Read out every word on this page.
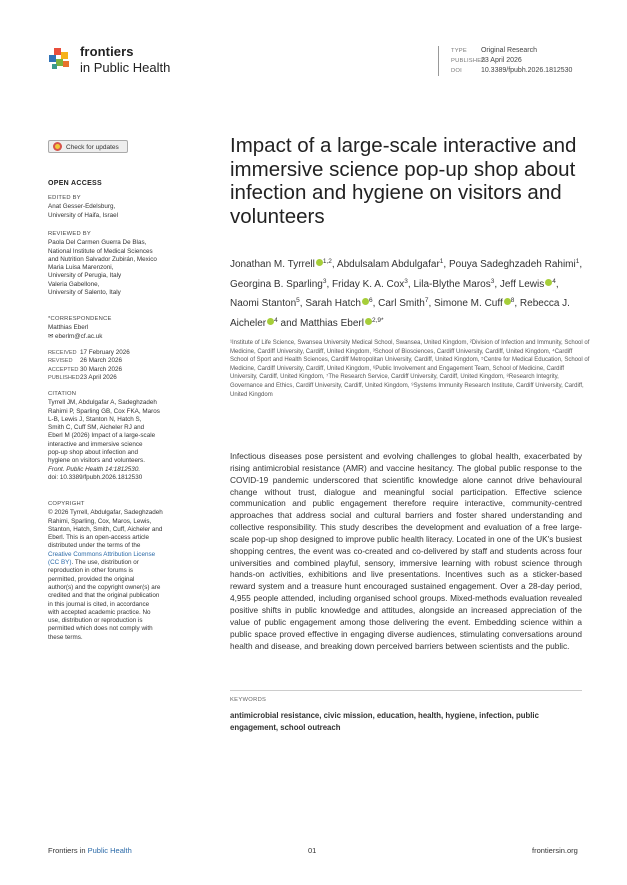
frontiers
in Public Health
TYPE Original Research
PUBLISHED 23 April 2026
DOI	10.3389/fpubh.2026.1812530
Check for updates
OPEN ACCESS
EDITED BY
Anat Gesser-Edelsburg,
University of Haifa, Israel
REVIEWED BY
Paola Del Carmen Guerra De Blas,
National Institute of Medical Sciences
and Nutrition Salvador Zubirán, Mexico
Maria Luisa Marenzoni,
University of Perugia, Italy
Valeria Gabellone,
University of Salento, Italy
*CORRESPONDENCE
Matthias Eberl
✉ eberlm@cf.ac.uk
RECEIVED 17 February 2026
REVISED 26 March 2026
ACCEPTED 30 March 2026
PUBLISHED23 April 2026
CITATION
Tyrrell JM, Abdulgafar A, Sadeghzadeh
Rahimi P, Sparling GB, Cox FKA, Maros
L-B, Lewis J, Stanton N, Hatch S,
Smith C, Cuff SM, Aicheler RJ and
Eberl M (2026) Impact of a large-scale
interactive and immersive science
pop-up shop about infection and
hygiene on visitors and volunteers.
Front. Public Health 14:1812530.
doi: 10.3389/fpubh.2026.1812530
COPYRIGHT
© 2026 Tyrrell, Abdulgafar, Sadeghzadeh
Rahimi, Sparling, Cox, Maros, Lewis,
Stanton, Hatch, Smith, Cuff, Aicheler and
Eberl. This is an open-access article
distributed under the terms of the
Creative Commons Attribution License
(CC BY). The use, distribution or
reproduction in other forums is
permitted, provided the original
author(s) and the copyright owner(s) are
credited and that the original publication
in this journal is cited, in accordance
with accepted academic practice. No
use, distribution or reproduction is
permitted which does not comply with
these terms.
Impact of a large-scale interactive and immersive science pop-up shop about infection and hygiene on visitors and volunteers
Jonathan M. Tyrrell $^{1,2}$, Abdulsalam Abdulgafar$^1$, Pouya Sadeghzadeh Rahimi$^1$, Georgina B. Sparling$^3$, Friday K. A. Cox$^3$, Lila-Blythe Maros$^3$, Jeff Lewis $^4$, Naomi Stanton$^5$, Sarah Hatch $^6$, Carl Smith$^7$, Simone M. Cuff $^8$, Rebecca J. Aicheler $^4$ and Matthias Eberl $^{2,9*}$
¹Institute of Life Science, Swansea University Medical School, Swansea, United Kingdom, ²Division of Infection and Immunity, School of Medicine, Cardiff University, Cardiff, United Kingdom, ³School of Biosciences, Cardiff University, Cardiff, United Kingdom, ⁴Cardiff School of Sport and Health Sciences, Cardiff Metropolitan University, Cardiff, United Kingdom, ⁵Centre for Medical Education, School of Medicine, Cardiff University, Cardiff, United Kingdom, ⁶Public Involvement and Engagement Team, School of Medicine, Cardiff University, Cardiff, United Kingdom, ⁷The Research Service, Cardiff University, Cardiff, United Kingdom, ⁸Research Integrity, Governance and Ethics, Cardiff University, Cardiff, United Kingdom, ⁹Systems Immunity Research Institute, Cardiff University, Cardiff, United Kingdom
Infectious diseases pose persistent and evolving challenges to global health, exacerbated by rising antimicrobial resistance (AMR) and vaccine hesitancy. The global public response to the COVID-19 pandemic underscored that scientific knowledge alone cannot drive behavioural change without trust, dialogue and meaningful social participation. Effective science communication and public engagement therefore require interactive, community-centred approaches that address social and cultural barriers and foster shared understanding and collective responsibility. This study describes the development and evaluation of a free large-scale pop-up shop designed to improve public health literacy. Located in one of the UK's busiest shopping centres, the event was co-created and co-delivered by staff and students across four universities and combined playful, sensory, immersive learning with robust science through hands-on activities, exhibitions and live presentations. Incentives such as a sticker-based reward system and a treasure hunt encouraged sustained engagement. Over a 28-day period, 4,955 people attended, including organised school groups. Mixed-methods evaluation revealed positive shifts in public knowledge and attitudes, alongside an increased appreciation of the value of public engagement among those delivering the event. Embedding science within a public space proved effective in engaging diverse audiences, stimulating conversations around health and disease, and breaking down perceived barriers between scientists and the public.
KEYWORDS
antimicrobial resistance, civic mission, education, health, hygiene, infection, public engagement, school outreach
Frontiers in Public Health	01	frontiersin.org
